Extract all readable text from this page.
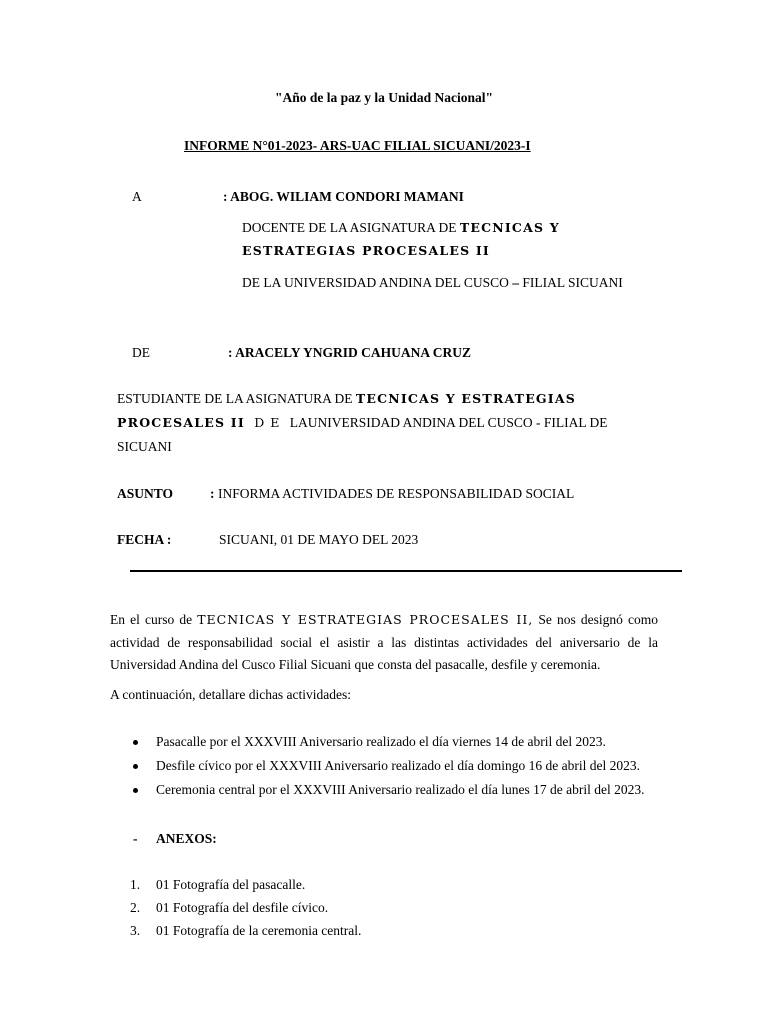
"Año de la paz y la Unidad Nacional"
INFORME N°01-2023- ARS-UAC FILIAL SICUANI/2023-I
A	: ABOG. WILIAM CONDORI MAMANI
DOCENTE DE LA ASIGNATURA DE TECNICAS Y
ESTRATEGIAS PROCESALES II
DE LA UNIVERSIDAD ANDINA DEL CUSCO – FILIAL SICUANI
DE	: ARACELY YNGRID CAHUANA CRUZ
ESTUDIANTE DE LA ASIGNATURA DE TECNICAS Y ESTRATEGIAS
PROCESALES II D E LAUNIVERSIDAD ANDINA DEL CUSCO - FILIAL DE
SICUANI
ASUNTO	: INFORMA ACTIVIDADES DE RESPONSABILIDAD SOCIAL
FECHA :	SICUANI, 01 DE MAYO DEL 2023
En el curso de TECNICAS Y ESTRATEGIAS PROCESALES II, Se nos designó como actividad de responsabilidad social el asistir a las distintas actividades del aniversario de la Universidad Andina del Cusco Filial Sicuani que consta del pasacalle, desfile y ceremonia.
A continuación, detallare dichas actividades:
Pasacalle por el XXXVIII Aniversario realizado el día viernes 14 de abril del 2023.
Desfile cívico por el XXXVIII Aniversario realizado el día domingo 16 de abril del 2023.
Ceremonia central por el XXXVIII Aniversario realizado el día lunes 17 de abril del 2023.
- ANEXOS:
1. 01 Fotografía del pasacalle.
2. 01 Fotografía del desfile cívico.
3. 01 Fotografía de la ceremonia central.
